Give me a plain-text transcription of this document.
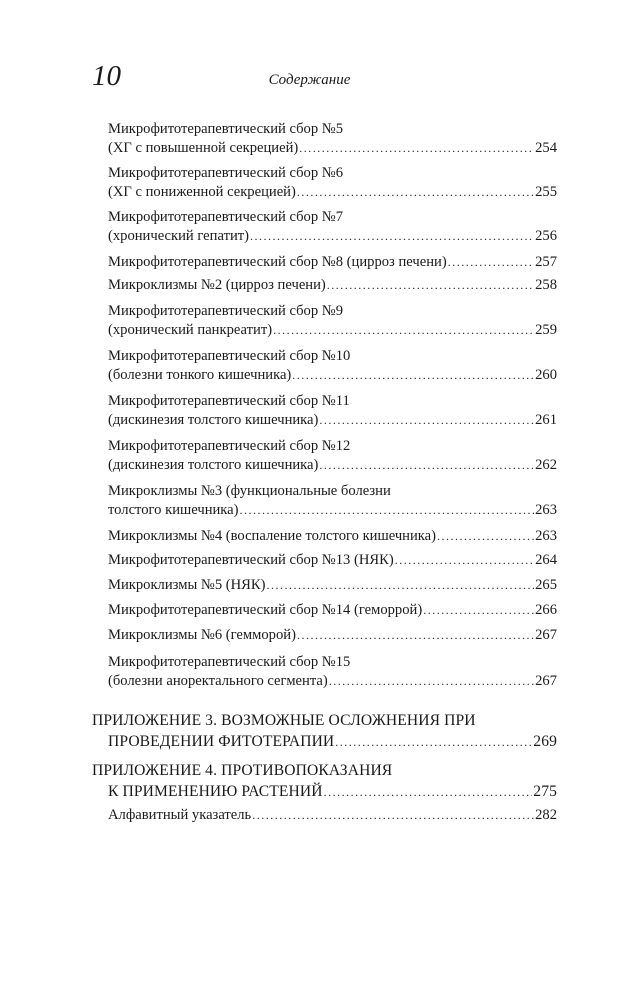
10	Содержание
Микрофитотерапевтический сбор №5
(ХГ с повышенной секрецией) .....	254
Микрофитотерапевтический сбор №6
(ХГ с пониженной секрецией) .....	255
Микрофитотерапевтический сбор №7
(хронический гепатит) .....	256
Микрофитотерапевтический сбор №8 (цирроз печени) .....	257
Микроклизмы №2 (цирроз печени) .....	258
Микрофитотерапевтический сбор №9
(хронический панкреатит) .....	259
Микрофитотерапевтический сбор №10
(болезни тонкого кишечника) .....	260
Микрофитотерапевтический сбор №11
(дискинезия толстого кишечника) .....	261
Микрофитотерапевтический сбор №12
(дискинезия толстого кишечника) .....	262
Микроклизмы №3 (функциональные болезни
толстого кишечника) .....	263
Микроклизмы №4 (воспаление толстого кишечника) .....	263
Микрофитотерапевтический сбор №13 (НЯК) .....	264
Микроклизмы №5 (НЯК) .....	265
Микрофитотерапевтический сбор №14 (геморрой) .....	266
Микроклизмы №6 (гемморой) .....	267
Микрофитотерапевтический сбор №15
(болезни аноректального сегмента) .....	267
ПРИЛОЖЕНИЕ 3. ВОЗМОЖНЫЕ ОСЛОЖНЕНИЯ ПРИ
ПРОВЕДЕНИИ ФИТОТЕРАПИИ .....	269
ПРИЛОЖЕНИЕ 4. ПРОТИВОПОКАЗАНИЯ
К ПРИМЕНЕНИЮ РАСТЕНИЙ .....	275
Алфавитный указатель .....	282
